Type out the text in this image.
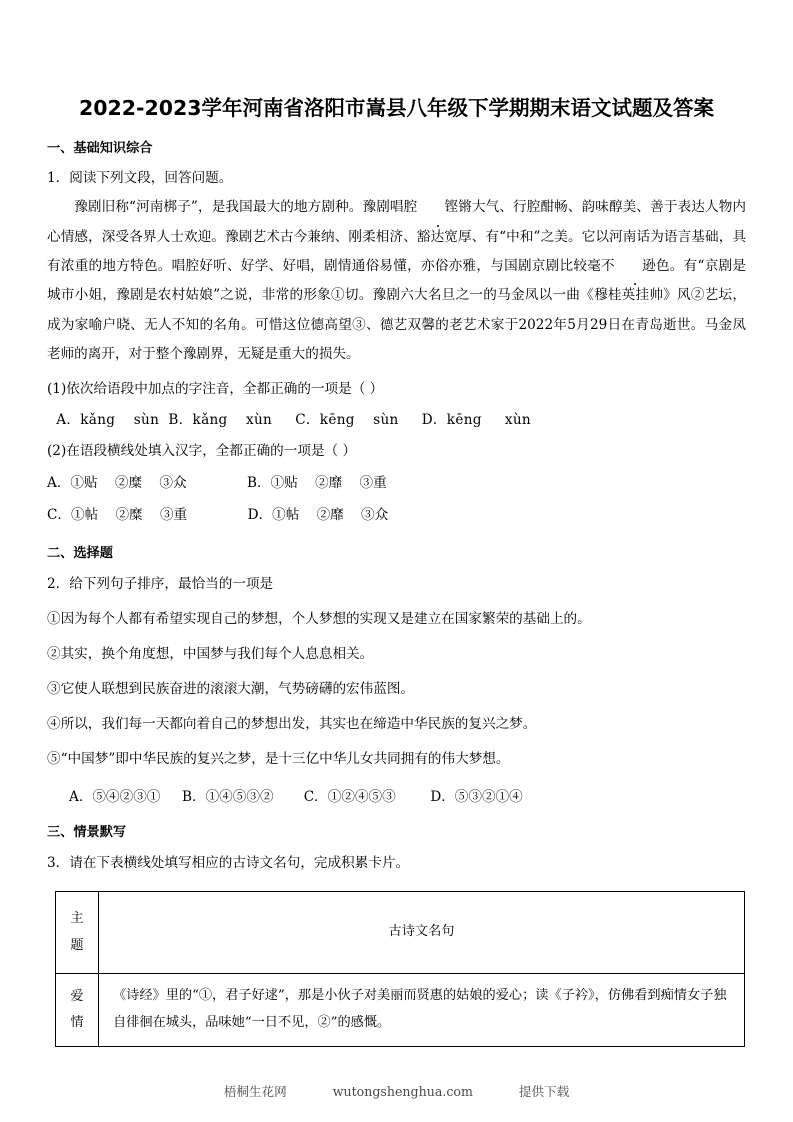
2022-2023学年河南省洛阳市嵩县八年级下学期期末语文试题及答案
一、基础知识综合
1．阅读下列文段，回答问题。
豫剧旧称“河南梆子”，是我国最大的地方剧种。豫剧唱腔 铿锵大气、行腔酣畅、韵味醇美、善于表达人物内心情感，深受各界人士欢迎。豫剧艺术古今兼纳、刚柔相济、豁达宽厚、有“中和”之美。它以河南话为语言基础，具有浓重的地方特色。唱腔好听、好学、好唱，剧情通俗易懂，亦俗亦雅，与国剧京剧比较毫不 逊色。有“京剧是城市小姐，豫剧是农村姑娘”之说，非常的形象①切。豫剧六大名旦之一的马金凤以一曲《穆桂英挂帅》风②艺坛，成为家喻户晓、无人不知的名角。可惜这位德高望③、德艺双馨的老艺术家于2022年5月29日在青岛逝世。马金凤老师的离开，对于整个豫剧界，无疑是重大的损失。
(1)依次给语段中加点的字注音，全都正确的一项是（ ）
A．kǎng    sùn  B．kǎng    xùn     C．kēng    sùn     D．kēng     xùn
(2)在语段横线处填入汉字，全都正确的一项是（ ）
A．①贴    ②糜    ③众              B．①贴    ②靡    ③重
C．①帖    ②糜    ③重              D．①帖    ②靡    ③众
二、选择题
2．给下列句子排序，最恰当的一项是
①因为每个人都有希望实现自己的梦想，个人梦想的实现又是建立在国家繁荣的基础上的。
②其实，换个角度想，中国梦与我们每个人息息相关。
③它使人联想到民族奋进的滚滚大潮，气势磅礴的宏伟蓝图。
④所以，我们每一天都向着自己的梦想出发，其实也在缔造中华民族的复兴之梦。
⑤“中国梦”即中华民族的复兴之梦，是十三亿中华儿女共同拥有的伟大梦想。
A．⑤④②③①     B．①④⑤③②       C．①②④⑤③        D．⑤③②①④
三、情景默写
3．请在下表横线处填写相应的古诗文名句，完成积累卡片。
主
题	古诗文名句

爱
情	《诗经》里的“①，君子好逑”，那是小伙子对美丽而贤惠的姑娘的爱心；读《子衿》，仿佛看到痴情女子独自徘徊在城头，品味她“一日不见，②”的感慨。
梧桐生花网	wutongshenghua.com	提供下载
